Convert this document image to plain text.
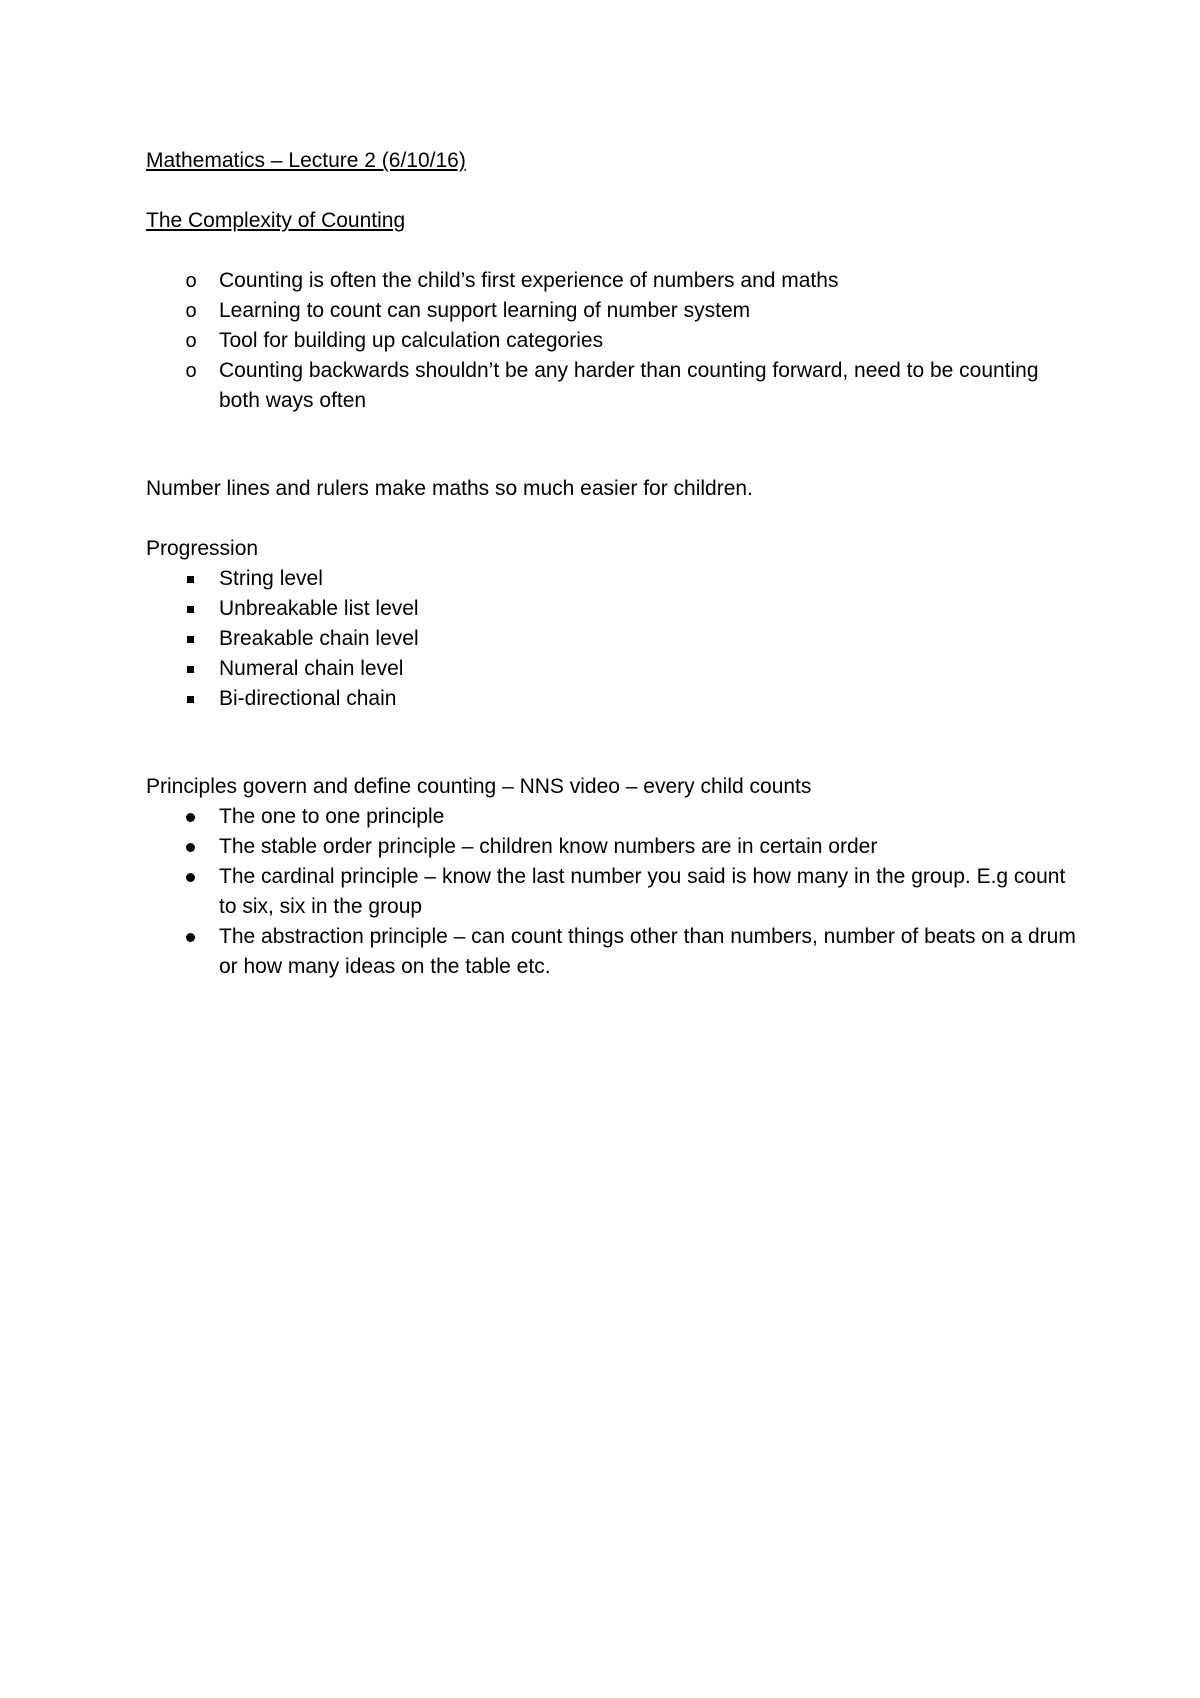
Mathematics – Lecture 2 (6/10/16)

The Complexity of Counting

o Counting is often the child’s first experience of numbers and maths
o Learning to count can support learning of number system
o Tool for building up calculation categories
o Counting backwards shouldn’t be any harder than counting forward, need to be counting both ways often

Number lines and rulers make maths so much easier for children.

Progression

String level
Unbreakable list level
Breakable chain level
Numeral chain level
Bi-directional chain

Principles govern and define counting – NNS video – every child counts

The one to one principle
The stable order principle – children know numbers are in certain order
The cardinal principle – know the last number you said is how many in the group. E.g count to six, six in the group
The abstraction principle – can count things other than numbers, number of beats on a drum or how many ideas on the table etc.
